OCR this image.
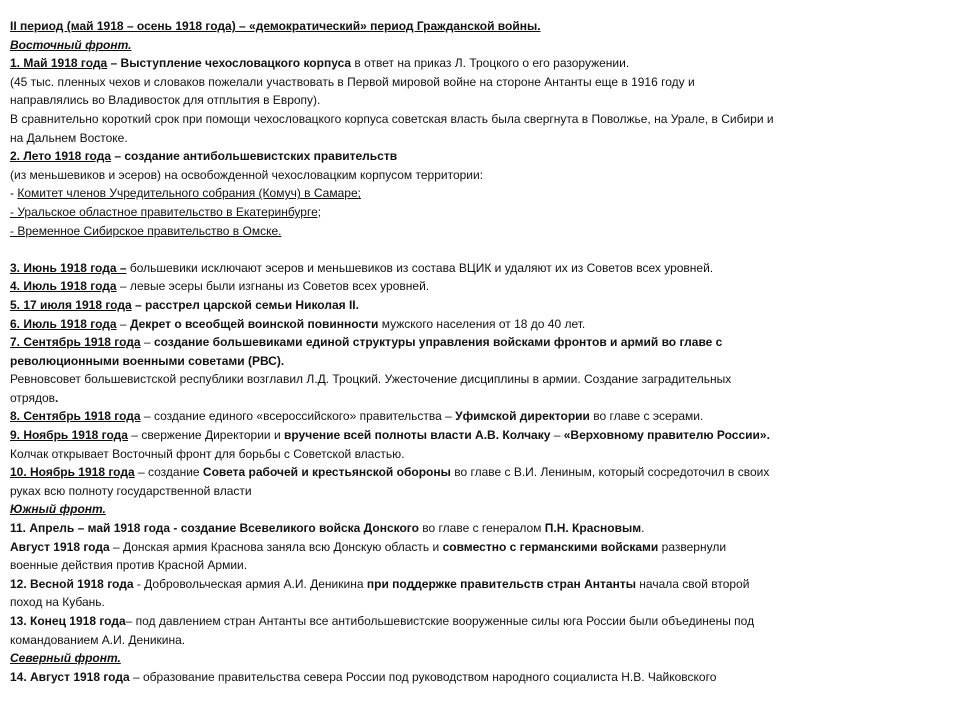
II период (май 1918 – осень 1918 года) – «демократический» период Гражданской войны.
Восточный фронт.
1. Май 1918 года – Выступление чехословацкого корпуса в ответ на приказ Л. Троцкого о его разоружении.
(45 тыс. пленных чехов и словаков пожелали участвовать в Первой мировой войне на стороне Антанты еще в 1916 году и
направлялись во Владивосток для отплытия в Европу).
В сравнительно короткий срок при помощи чехословацкого корпуса советская власть была свергнута в Поволжье, на Урале, в Сибири и
на Дальнем Востоке.
2. Лето 1918 года – создание антибольшевистских правительств
(из меньшевиков и эсеров) на освобожденной чехословацким корпусом территории:
- Комитет членов Учредительного собрания (Комуч) в Самаре;
- Уральское областное правительство в Екатеринбурге;
- Временное Сибирское правительство в Омске.
3. Июнь 1918 года – большевики исключают эсеров и меньшевиков из состава ВЦИК и удаляют их из Советов всех уровней.
4. Июль 1918 года – левые эсеры были изгнаны из Советов всех уровней.
5. 17 июля 1918 года – расстрел царской семьи Николая II.
6. Июль 1918 года – Декрет о всеобщей воинской повинности мужского населения от 18 до 40 лет.
7. Сентябрь 1918 года – создание большевиками единой структуры управления войсками фронтов и армий во главе с
революционными военными советами (РВС).
Ревновсовет большевистской республики возглавил Л.Д. Троцкий. Ужесточение дисциплины в армии. Создание заградительных
отрядов.
8. Сентябрь 1918 года – создание единого «всероссийского» правительства – Уфимской директории во главе с эсерами.
9. Ноябрь 1918 года – свержение Директории и вручение всей полноты власти А.В. Колчаку – «Верховному правителю России».
Колчак открывает Восточный фронт для борьбы с Советской властью.
10. Ноябрь 1918 года – создание Совета рабочей и крестьянской обороны во главе с В.И. Лениным, который сосредоточил в своих
руках всю полноту государственной власти
Южный фронт.
11. Апрель – май 1918 года - создание Всевеликого войска Донского во главе с генералом П.Н. Красновым.
Август 1918 года – Донская армия Краснова заняла всю Донскую область и совместно с германскими войсками развернули
военные действия против Красной Армии.
12. Весной 1918 года - Добровольческая армия А.И. Деникина при поддержке правительств стран Антанты начала свой второй
поход на Кубань.
13. Конец 1918 года– под давлением стран Антанты все антибольшевистские вооруженные силы юга России были объединены под
командованием А.И. Деникина.
Северный фронт.
14. Август 1918 года – образование правительства севера России под руководством народного социалиста Н.В. Чайковского
